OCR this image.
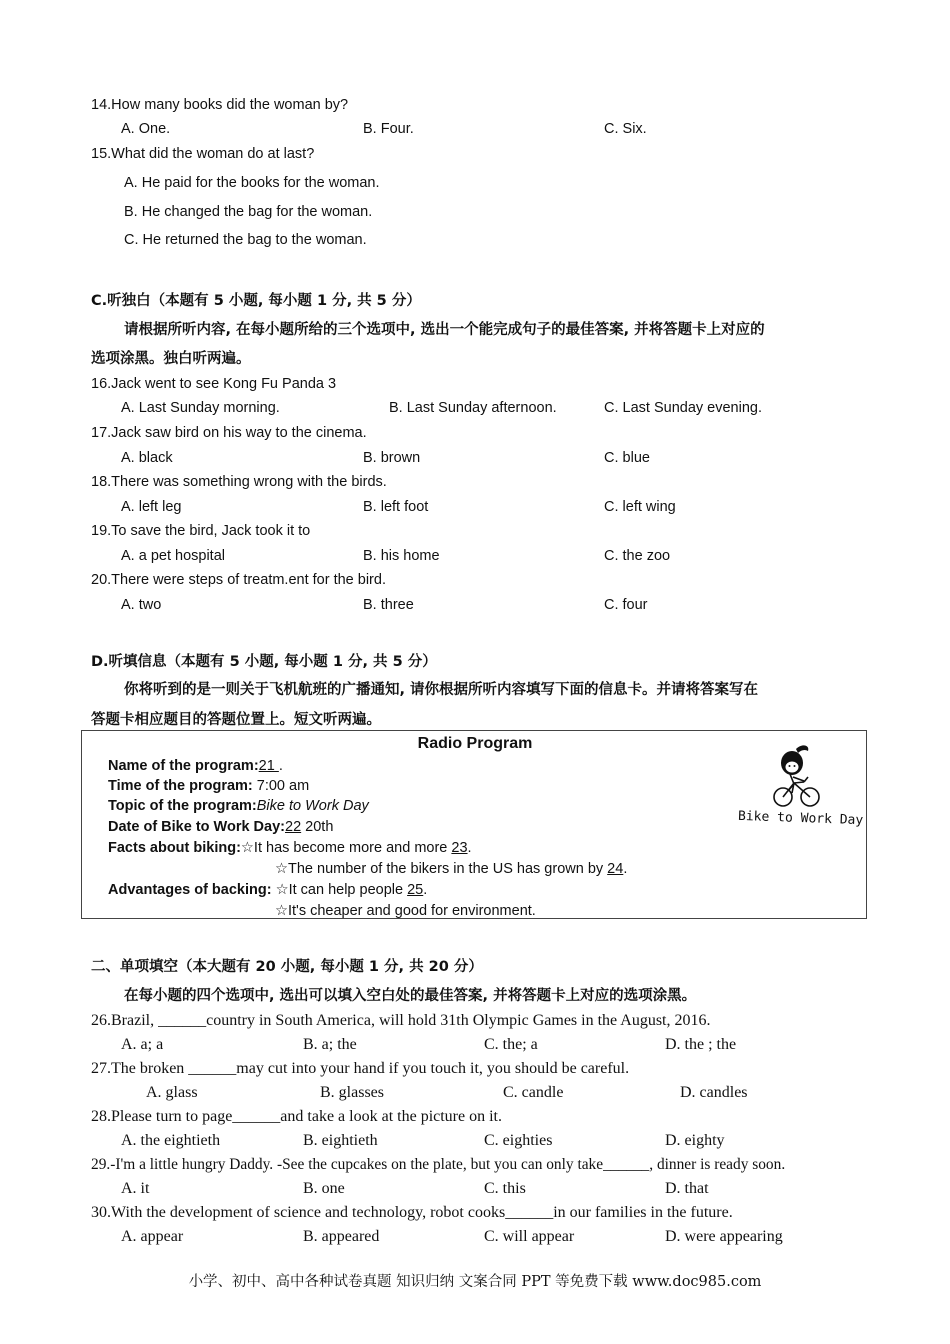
14.How many books did the woman by?
A. One.	B. Four.	C. Six.
15.What did the woman do at last?
A. He paid for the books for the woman.
B. He changed the bag for the woman.
C. He returned the bag to the woman.
C.听独白（本题有 5 小题, 每小题 1 分, 共 5 分）
请根据所听内容, 在每小题所给的三个选项中, 选出一个能完成句子的最佳答案, 并将答题卡上对应的
选项涂黑。独白听两遍。
16.Jack went to see Kong Fu Panda 3
A. Last Sunday morning.	B. Last Sunday afternoon.	C. Last Sunday evening.
17.Jack saw bird on his way to the cinema.
A. black	B. brown	C. blue
18.There was something wrong with the birds.
A. left leg	B. left foot	C. left wing
19.To save the bird, Jack took it to
A. a pet hospital	B. his home	C. the zoo
20.There were steps of treatm.ent for the bird.
A. two	B. three	C. four
D.听填信息（本题有 5 小题, 每小题 1 分, 共 5 分）
你将听到的是一则关于飞机航班的广播通知, 请你根据所听内容填写下面的信息卡。并请将答案写在
答题卡相应题目的答题位置上。短文听两遍。
Radio Program
Name of the program:21 .
Time of the program: 7:00 am
Topic of the program:Bike to Work Day
Date of Bike to Work Day:22 20th
Facts about biking:☆It has become more and more 23.
☆The number of the bikers in the US has grown by 24.
Advantages of backing: ☆It can help people 25.
☆It's cheaper and good for environment.
Bike to Work Day
二、单项填空（本大题有 20 小题, 每小题 1 分, 共 20 分）
在每小题的四个选项中, 选出可以填入空白处的最佳答案, 并将答题卡上对应的选项涂黑。
26.Brazil, ______country in South America, will hold 31th Olympic Games in the August, 2016.
A. a; a	B. a; the	C. the; a	D. the ; the
27.The broken ______may cut into your hand if you touch it, you should be careful.
A. glass	B. glasses	C. candle	D. candles
28.Please turn to page______and take a look at the picture on it.
A. the eightieth	B. eightieth	C. eighties	D. eighty
29.-I'm a little hungry Daddy. -See the cupcakes on the plate, but you can only take______, dinner is ready soon.
A. it	B. one	C. this	D. that
30.With the development of science and technology, robot cooks______in our families in the future.
A. appear	B. appeared	C. will appear	D. were appearing
小学、初中、高中各种试卷真题 知识归纳 文案合同 PPT 等免费下载 www.doc985.com
